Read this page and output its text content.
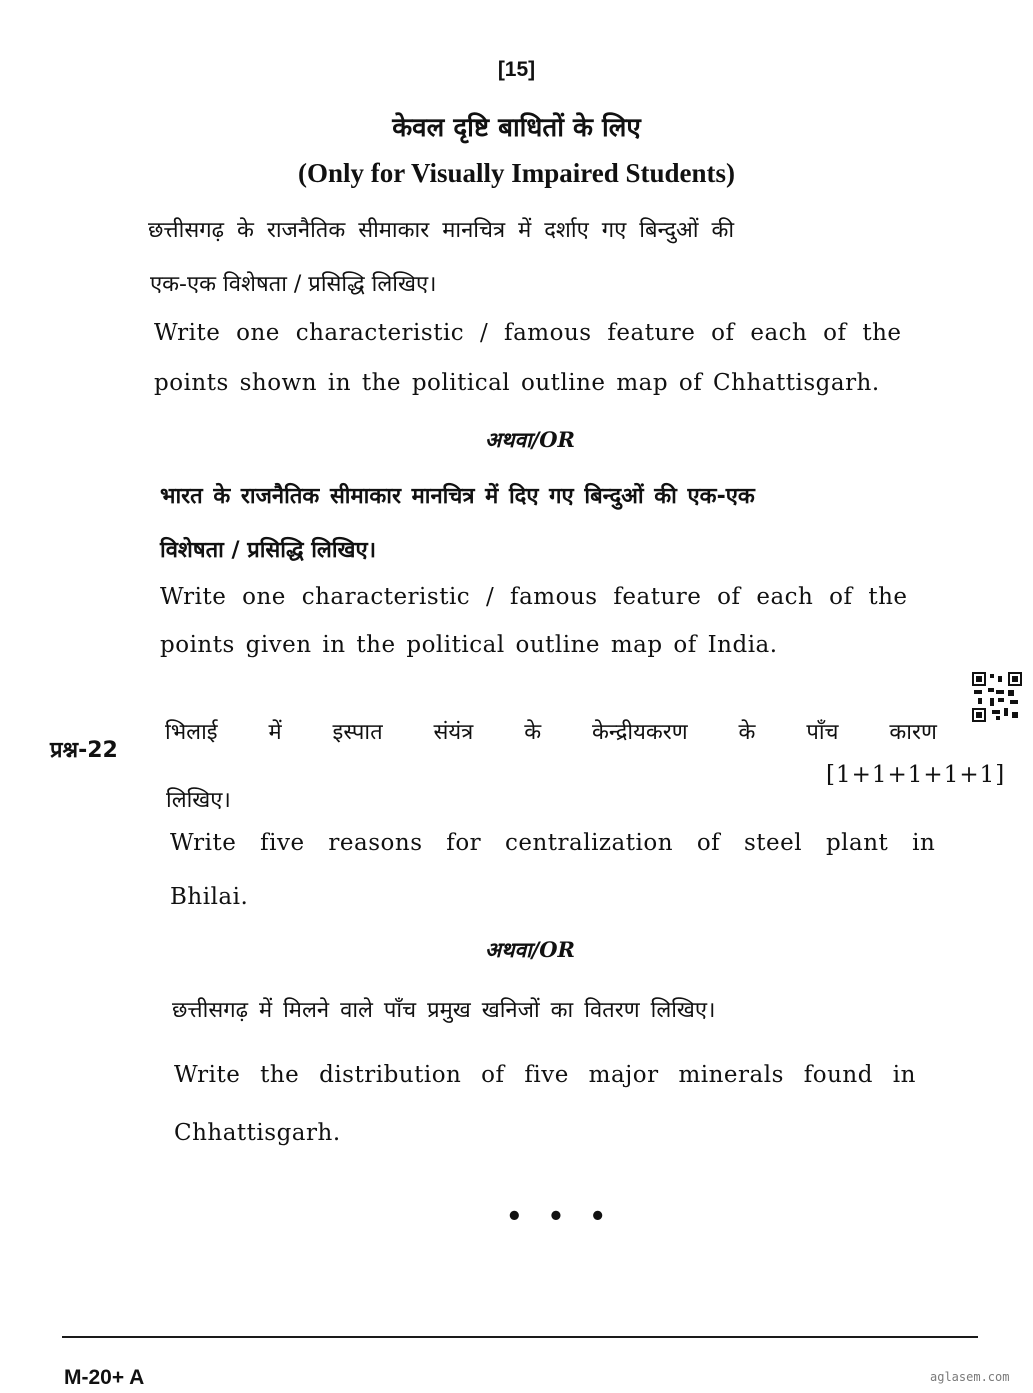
[15]
केवल दृष्टि बाधितों के लिए
(Only for Visually Impaired Students)
छत्तीसगढ़ के राजनैतिक सीमाकार मानचित्र में दर्शाए गए बिन्दुओं की
एक-एक विशेषता / प्रसिद्धि लिखिए।
Write one characteristic / famous feature of each of the
points shown in the political outline map of Chhattisgarh.
अथवा/OR
भारत के राजनैतिक सीमाकार मानचित्र में दिए गए बिन्दुओं की एक-एक
विशेषता / प्रसिद्धि लिखिए।
Write one characteristic / famous feature of each of the
points given in the political outline map of India.
प्रश्न-22
भिलाई में इस्पात संयंत्र के केन्द्रीयकरण के पाँच कारण
लिखिए।
[1+1+1+1+1]
Write five reasons for centralization of steel plant in
Bhilai.
अथवा/OR
छत्तीसगढ़ में मिलने वाले पाँच प्रमुख खनिजों का वितरण लिखिए।
Write the distribution of five major minerals found in
Chhattisgarh.
• • •
M-20+ A	aglasem.com
